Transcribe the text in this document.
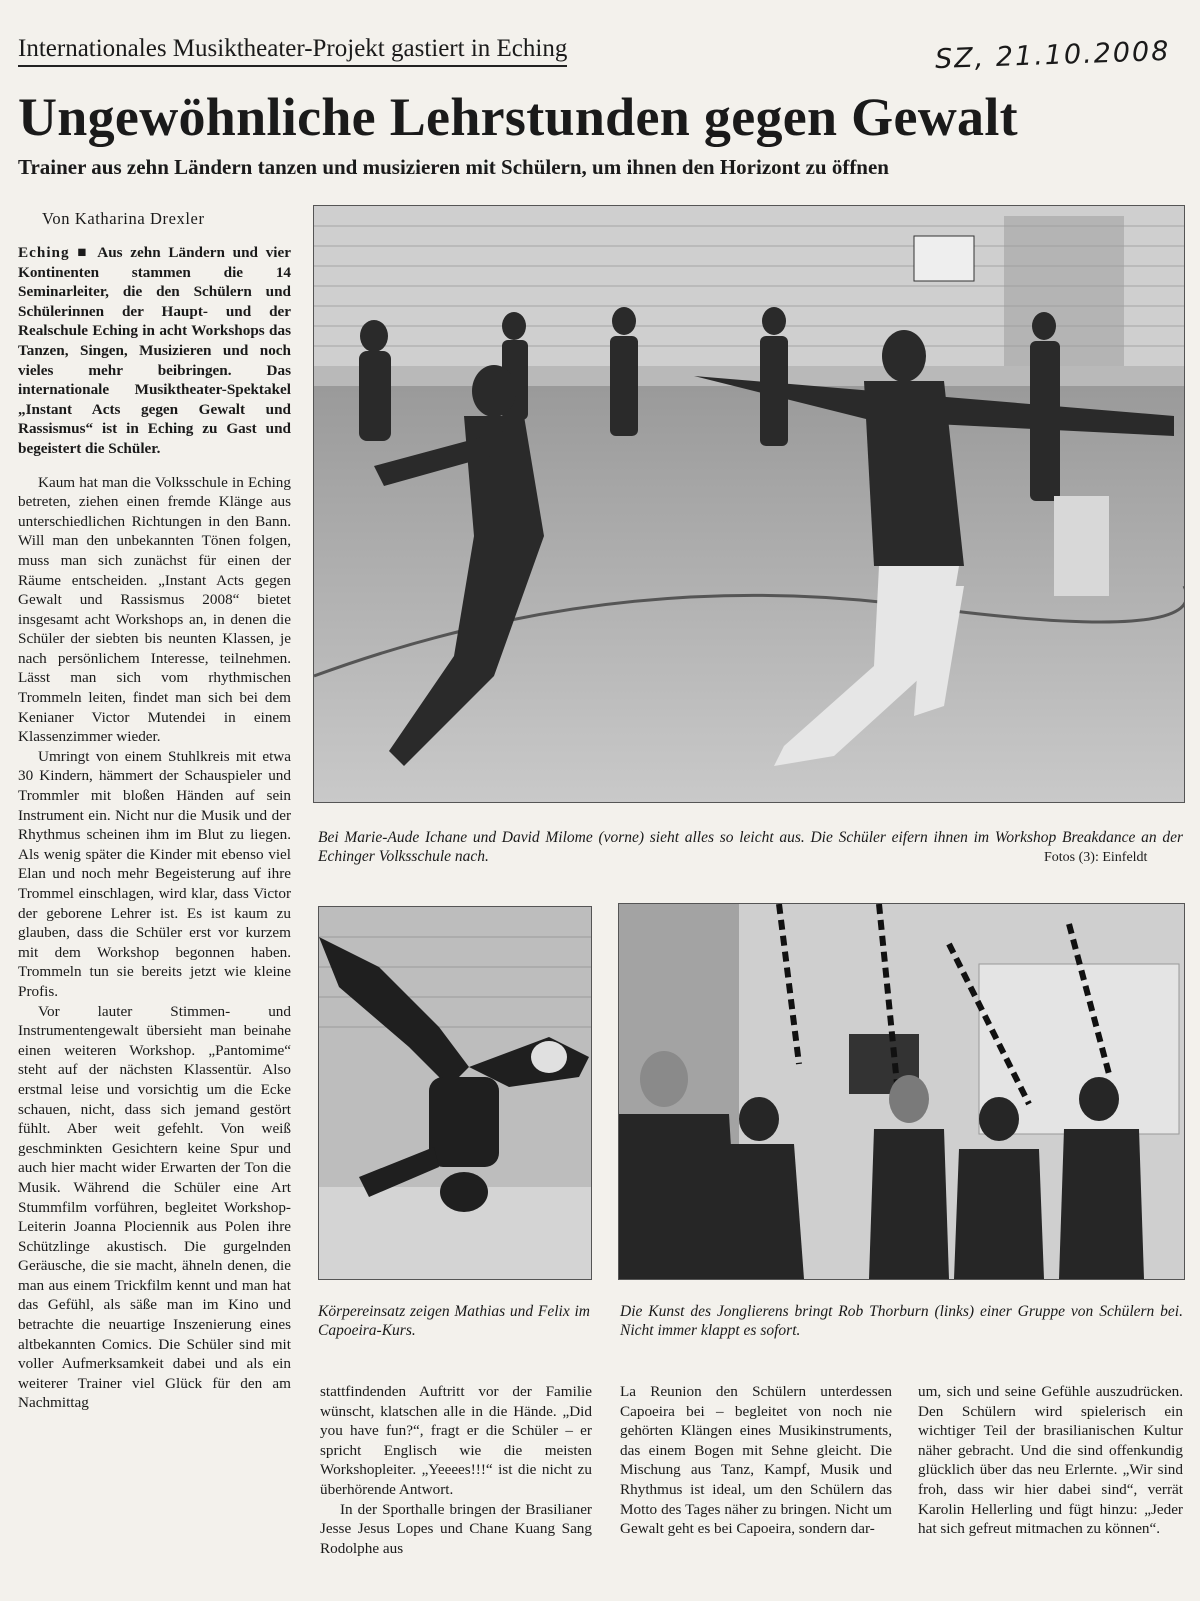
Internationales Musiktheater-Projekt gastiert in Eching	SZ, 21.10.2008
Ungewöhnliche Lehrstunden gegen Gewalt
Trainer aus zehn Ländern tanzen und musizieren mit Schülern, um ihnen den Horizont zu öffnen
Von Katharina Drexler

Eching ■ Aus zehn Ländern und vier Kontinenten stammen die 14 Seminarleiter, die den Schülern und Schülerinnen der Haupt- und der Realschule Eching in acht Workshops das Tanzen, Singen, Musizieren und noch vieles mehr beibringen. Das internationale Musiktheater-Spektakel „Instant Acts gegen Gewalt und Rassismus“ ist in Eching zu Gast und begeistert die Schüler.

Kaum hat man die Volksschule in Eching betreten, ziehen einen fremde Klänge aus unterschiedlichen Richtungen in den Bann. Will man den unbekannten Tönen folgen, muss man sich zunächst für einen der Räume entscheiden. „Instant Acts gegen Gewalt und Rassismus 2008“ bietet insgesamt acht Workshops an, in denen die Schüler der siebten bis neunten Klassen, je nach persönlichem Interesse, teilnehmen. Lässt man sich vom rhythmischen Trommeln leiten, findet man sich bei dem Kenianer Victor Mutendei in einem Klassenzimmer wieder.

Umringt von einem Stuhlkreis mit etwa 30 Kindern, hämmert der Schauspieler und Trommler mit bloßen Händen auf sein Instrument ein. Nicht nur die Musik und der Rhythmus scheinen ihm im Blut zu liegen. Als wenig später die Kinder mit ebenso viel Elan und noch mehr Begeisterung auf ihre Trommel einschlagen, wird klar, dass Victor der geborene Lehrer ist. Es ist kaum zu glauben, dass die Schüler erst vor kurzem mit dem Workshop begonnen haben. Trommeln tun sie bereits jetzt wie kleine Profis.

Vor lauter Stimmen- und Instrumentengewalt übersieht man beinahe einen weiteren Workshop. „Pantomime“ steht auf der nächsten Klassentür. Also erstmal leise und vorsichtig um die Ecke schauen, nicht, dass sich jemand gestört fühlt. Aber weit gefehlt. Von weiß geschminkten Gesichtern keine Spur und auch hier macht wider Erwarten der Ton die Musik. Während die Schüler eine Art Stummfilm vorführen, begleitet Workshop-Leiterin Joanna Plociennik aus Polen ihre Schützlinge akustisch. Die gurgelnden Geräusche, die sie macht, ähneln denen, die man aus einem Trickfilm kennt und man hat das Gefühl, als säße man im Kino und betrachte die neuartige Inszenierung eines altbekannten Comics. Die Schüler sind mit voller Aufmerksamkeit dabei und als ein weiterer Trainer viel Glück für den am Nachmittag

Bei Marie-Aude Ichane und David Milome (vorne) sieht alles so leicht aus. Die Schüler eifern ihnen im Workshop Breakdance an der Echinger Volksschule nach.	Fotos (3): Einfeldt
Körpereinsatz zeigen Mathias und Felix im Capoeira-Kurs.
Die Kunst des Jonglierens bringt Rob Thorburn (links) einer Gruppe von Schülern bei. Nicht immer klappt es sofort.

stattfindenden Auftritt vor der Familie wünscht, klatschen alle in die Hände. „Did you have fun?“, fragt er die Schüler – er spricht Englisch wie die meisten Workshopleiter. „Yeeees!!!“ ist die nicht zu überhörende Antwort.

In der Sporthalle bringen der Brasilianer Jesse Jesus Lopes und Chane Kuang Sang Rodolphe aus

La Reunion den Schülern unterdessen Capoeira bei – begleitet von noch nie gehörten Klängen eines Musikinstruments, das einem Bogen mit Sehne gleicht. Die Mischung aus Tanz, Kampf, Musik und Rhythmus ist ideal, um den Schülern das Motto des Tages näher zu bringen. Nicht um Gewalt geht es bei Capoeira, sondern dar-

um, sich und seine Gefühle auszudrücken. Den Schülern wird spielerisch ein wichtiger Teil der brasilianischen Kultur näher gebracht. Und die sind offenkundig glücklich über das neu Erlernte. „Wir sind froh, dass wir hier dabei sind“, verrät Karolin Hellerling und fügt hinzu: „Jeder hat sich gefreut mitmachen zu können“.
